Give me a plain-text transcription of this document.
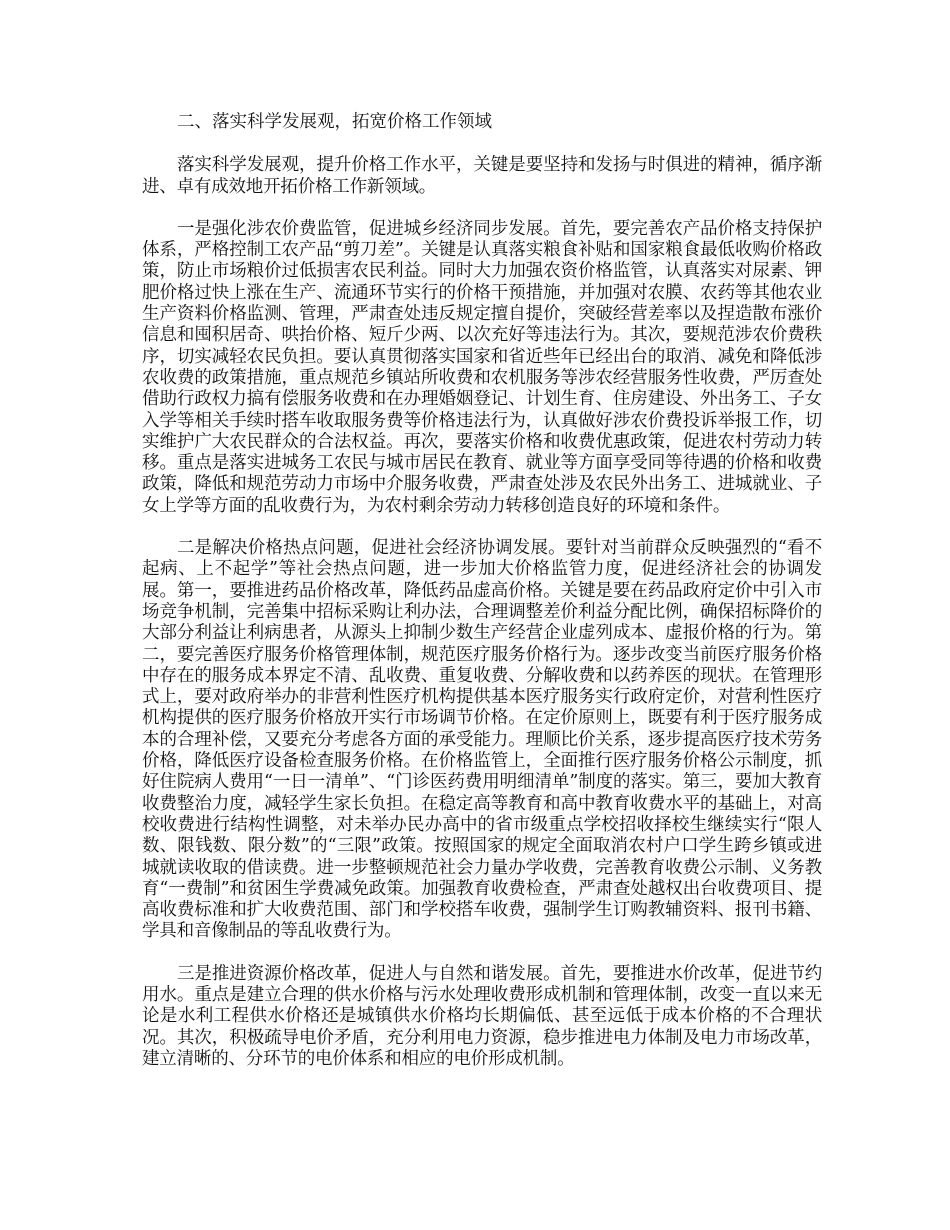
二、落实科学发展观，拓宽价格工作领域

落实科学发展观，提升价格工作水平，关键是要坚持和发扬与时俱进的精神，循序渐进、卓有成效地开拓价格工作新领域。

一是强化涉农价费监管，促进城乡经济同步发展。首先，要完善农产品价格支持保护体系，严格控制工农产品“剪刀差”。关键是认真落实粮食补贴和国家粮食最低收购价格政策，防止市场粮价过低损害农民利益。同时大力加强农资价格监管，认真落实对尿素、钾肥价格过快上涨在生产、流通环节实行的价格干预措施，并加强对农膜、农药等其他农业生产资料价格监测、管理，严肃查处违反规定擅自提价，突破经营差率以及捏造散布涨价信息和囤积居奇、哄抬价格、短斤少两、以次充好等违法行为。其次，要规范涉农价费秩序，切实减轻农民负担。要认真贯彻落实国家和省近些年已经出台的取消、减免和降低涉农收费的政策措施，重点规范乡镇站所收费和农机服务等涉农经营服务性收费，严厉查处借助行政权力搞有偿服务收费和在办理婚姻登记、计划生育、住房建设、外出务工、子女入学等相关手续时搭车收取服务费等价格违法行为，认真做好涉农价费投诉举报工作，切实维护广大农民群众的合法权益。再次，要落实价格和收费优惠政策，促进农村劳动力转移。重点是落实进城务工农民与城市居民在教育、就业等方面享受同等待遇的价格和收费政策，降低和规范劳动力市场中介服务收费，严肃查处涉及农民外出务工、进城就业、子女上学等方面的乱收费行为，为农村剩余劳动力转移创造良好的环境和条件。

二是解决价格热点问题，促进社会经济协调发展。要针对当前群众反映强烈的“看不起病、上不起学”等社会热点问题，进一步加大价格监管力度，促进经济社会的协调发展。第一，要推进药品价格改革，降低药品虚高价格。关键是要在药品政府定价中引入市场竞争机制，完善集中招标采购让利办法，合理调整差价利益分配比例，确保招标降价的大部分利益让利病患者，从源头上抑制少数生产经营企业虚列成本、虚报价格的行为。第二，要完善医疗服务价格管理体制，规范医疗服务价格行为。逐步改变当前医疗服务价格中存在的服务成本界定不清、乱收费、重复收费、分解收费和以药养医的现状。在管理形式上，要对政府举办的非营利性医疗机构提供基本医疗服务实行政府定价，对营利性医疗机构提供的医疗服务价格放开实行市场调节价格。在定价原则上，既要有利于医疗服务成本的合理补偿，又要充分考虑各方面的承受能力。理顺比价关系，逐步提高医疗技术劳务价格，降低医疗设备检查服务价格。在价格监管上，全面推行医疗服务价格公示制度，抓好住院病人费用“一日一清单”、“门诊医药费用明细清单”制度的落实。第三，要加大教育收费整治力度，减轻学生家长负担。在稳定高等教育和高中教育收费水平的基础上，对高校收费进行结构性调整，对未举办民办高中的省市级重点学校招收择校生继续实行“限人数、限钱数、限分数”的“三限”政策。按照国家的规定全面取消农村户口学生跨乡镇或进城就读收取的借读费。进一步整顿规范社会力量办学收费，完善教育收费公示制、义务教育“一费制”和贫困生学费减免政策。加强教育收费检查，严肃查处越权出台收费项目、提高收费标准和扩大收费范围、部门和学校搭车收费，强制学生订购教辅资料、报刊书籍、学具和音像制品的等乱收费行为。

三是推进资源价格改革，促进人与自然和谐发展。首先，要推进水价改革，促进节约用水。重点是建立合理的供水价格与污水处理收费形成机制和管理体制，改变一直以来无论是水利工程供水价格还是城镇供水价格均长期偏低、甚至远低于成本价格的不合理状况。其次，积极疏导电价矛盾，充分利用电力资源，稳步推进电力体制及电力市场改革，建立清晰的、分环节的电价体系和相应的电价形成机制。
